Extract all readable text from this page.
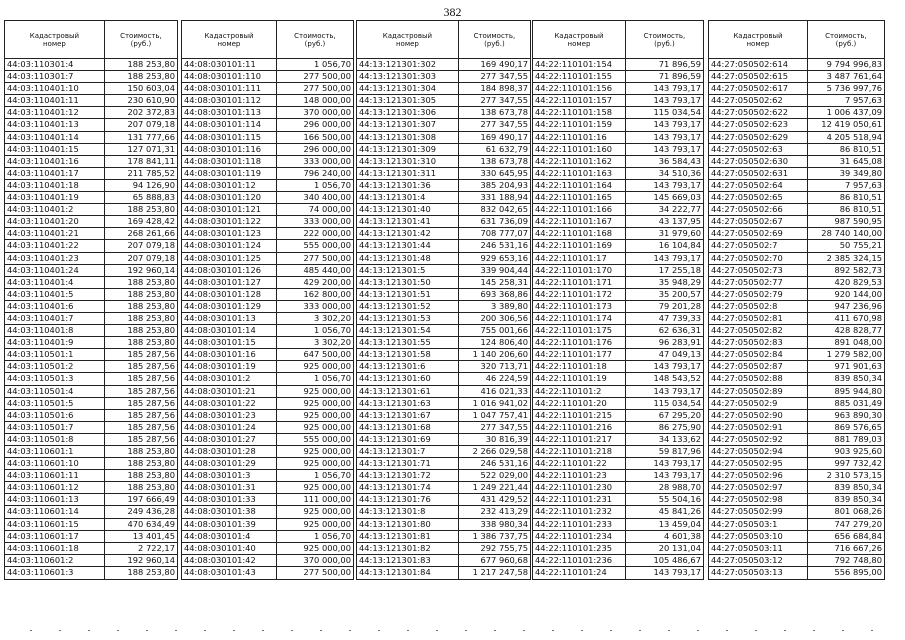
382
Кадастровый
номер
Стоимость,
(руб.)
44:03:110301:4	188 253,80
44:03:110301:7	188 253,80
44:03:110401:10	150 603,04
44:03:110401:11	230 610,90
44:03:110401:12	202 372,83
44:03:110401:13	207 079,18
44:03:110401:14	131 777,66
44:03:110401:15	127 071,31
44:03:110401:16	178 841,11
44:03:110401:17	211 785,52
44:03:110401:18	94 126,90
44:03:110401:19	65 888,83
44:03:110401:2	188 253,80
44:03:110401:20	169 428,42
44:03:110401:21	268 261,66
44:03:110401:22	207 079,18
44:03:110401:23	207 079,18
44:03:110401:24	192 960,14
44:03:110401:4	188 253,80
44:03:110401:5	188 253,80
44:03:110401:6	188 253,80
44:03:110401:7	188 253,80
44:03:110401:8	188 253,80
44:03:110401:9	188 253,80
44:03:110501:1	185 287,56
44:03:110501:2	185 287,56
44:03:110501:3	185 287,56
44:03:110501:4	185 287,56
44:03:110501:5	185 287,56
44:03:110501:6	185 287,56
44:03:110501:7	185 287,56
44:03:110501:8	185 287,56
44:03:110601:1	188 253,80
44:03:110601:10	188 253,80
44:03:110601:11	188 253,80
44:03:110601:12	188 253,80
44:03:110601:13	197 666,49
44:03:110601:14	249 436,28
44:03:110601:15	470 634,49
44:03:110601:17	13 401,45
44:03:110601:18	2 722,17
44:03:110601:2	192 960,14
44:03:110601:3	188 253,80
Кадастровый
номер
Стоимость,
(руб.)
44:08:030101:11	1 056,70
44:08:030101:110	277 500,00
44:08:030101:111	277 500,00
44:08:030101:112	148 000,00
44:08:030101:113	370 000,00
44:08:030101:114	296 000,00
44:08:030101:115	166 500,00
44:08:030101:116	296 000,00
44:08:030101:118	333 000,00
44:08:030101:119	796 240,00
44:08:030101:12	1 056,70
44:08:030101:120	340 400,00
44:08:030101:121	74 000,00
44:08:030101:122	333 000,00
44:08:030101:123	222 000,00
44:08:030101:124	555 000,00
44:08:030101:125	277 500,00
44:08:030101:126	485 440,00
44:08:030101:127	429 200,00
44:08:030101:128	162 800,00
44:08:030101:129	333 000,00
44:08:030101:13	3 302,20
44:08:030101:14	1 056,70
44:08:030101:15	3 302,20
44:08:030101:16	647 500,00
44:08:030101:19	925 000,00
44:08:030101:2	1 056,70
44:08:030101:21	925 000,00
44:08:030101:22	925 000,00
44:08:030101:23	925 000,00
44:08:030101:24	925 000,00
44:08:030101:27	555 000,00
44:08:030101:28	925 000,00
44:08:030101:29	925 000,00
44:08:030101:3	1 056,70
44:08:030101:31	925 000,00
44:08:030101:33	111 000,00
44:08:030101:38	925 000,00
44:08:030101:39	925 000,00
44:08:030101:4	1 056,70
44:08:030101:40	925 000,00
44:08:030101:42	370 000,00
44:08:030101:43	277 500,00
Кадастровый
номер
Стоимость,
(руб.)
44:13:121301:302	169 490,17
44:13:121301:303	277 347,55
44:13:121301:304	184 898,37
44:13:121301:305	277 347,55
44:13:121301:306	138 673,78
44:13:121301:307	277 347,55
44:13:121301:308	169 490,17
44:13:121301:309	61 632,79
44:13:121301:310	138 673,78
44:13:121301:311	330 645,95
44:13:121301:36	385 204,93
44:13:121301:4	331 188,94
44:13:121301:40	832 042,65
44:13:121301:41	631 736,09
44:13:121301:42	708 777,07
44:13:121301:44	246 531,16
44:13:121301:48	929 653,16
44:13:121301:5	339 904,44
44:13:121301:50	145 258,31
44:13:121301:51	693 368,86
44:13:121301:52	3 389,80
44:13:121301:53	200 306,56
44:13:121301:54	755 001,66
44:13:121301:55	124 806,40
44:13:121301:58	1 140 206,60
44:13:121301:6	320 713,71
44:13:121301:60	46 224,59
44:13:121301:61	416 021,33
44:13:121301:63	1 016 941,02
44:13:121301:67	1 047 757,41
44:13:121301:68	277 347,55
44:13:121301:69	30 816,39
44:13:121301:7	2 266 029,58
44:13:121301:71	246 531,16
44:13:121301:72	522 029,00
44:13:121301:74	1 249 221,44
44:13:121301:76	431 429,52
44:13:121301:8	232 413,29
44:13:121301:80	338 980,34
44:13:121301:81	1 386 737,75
44:13:121301:82	292 755,75
44:13:121301:83	677 960,68
44:13:121301:84	1 217 247,58
Кадастровый
номер
Стоимость,
(руб.)
44:22:110101:154	71 896,59
44:22:110101:155	71 896,59
44:22:110101:156	143 793,17
44:22:110101:157	143 793,17
44:22:110101:158	115 034,54
44:22:110101:159	143 793,17
44:22:110101:16	143 793,17
44:22:110101:160	143 793,17
44:22:110101:162	36 584,43
44:22:110101:163	34 510,36
44:22:110101:164	143 793,17
44:22:110101:165	145 669,03
44:22:110101:166	34 222,77
44:22:110101:167	43 137,95
44:22:110101:168	31 979,60
44:22:110101:169	16 104,84
44:22:110101:17	143 793,17
44:22:110101:170	17 255,18
44:22:110101:171	35 948,29
44:22:110101:172	35 200,57
44:22:110101:173	79 201,28
44:22:110101:174	47 739,33
44:22:110101:175	62 636,31
44:22:110101:176	96 283,91
44:22:110101:177	47 049,13
44:22:110101:18	143 793,17
44:22:110101:19	148 543,52
44:22:110101:2	143 793,17
44:22:110101:20	115 034,54
44:22:110101:215	67 295,20
44:22:110101:216	86 275,90
44:22:110101:217	34 133,62
44:22:110101:218	59 817,96
44:22:110101:22	143 793,17
44:22:110101:23	143 793,17
44:22:110101:230	28 988,70
44:22:110101:231	55 504,16
44:22:110101:232	45 841,26
44:22:110101:233	13 459,04
44:22:110101:234	4 601,38
44:22:110101:235	20 131,04
44:22:110101:236	105 486,67
44:22:110101:24	143 793,17
Кадастровый
номер
Стоимость,
(руб.)
44:27:050502:614	9 794 996,83
44:27:050502:615	3 487 761,64
44:27:050502:617	5 736 997,76
44:27:050502:62	7 957,63
44:27:050502:622	1 006 437,09
44:27:050502:623	12 419 050,61
44:27:050502:629	4 205 518,94
44:27:050502:63	86 810,51
44:27:050502:630	31 645,08
44:27:050502:631	39 349,80
44:27:050502:64	7 957,63
44:27:050502:65	86 810,51
44:27:050502:66	86 810,51
44:27:050502:67	987 590,95
44:27:050502:69	28 740 140,00
44:27:050502:7	50 755,21
44:27:050502:70	2 385 324,15
44:27:050502:73	892 582,73
44:27:050502:77	420 829,53
44:27:050502:79	920 144,00
44:27:050502:8	947 236,96
44:27:050502:81	411 670,98
44:27:050502:82	428 828,77
44:27:050502:83	891 048,00
44:27:050502:84	1 279 582,00
44:27:050502:87	971 901,63
44:27:050502:88	839 850,34
44:27:050502:89	895 944,80
44:27:050502:9	885 031,49
44:27:050502:90	963 890,30
44:27:050502:91	869 576,65
44:27:050502:92	881 789,03
44:27:050502:94	903 925,60
44:27:050502:95	997 732,42
44:27:050502:96	2 310 573,15
44:27:050502:97	839 850,34
44:27:050502:98	839 850,34
44:27:050502:99	801 068,26
44:27:050503:1	747 279,20
44:27:050503:10	656 684,84
44:27:050503:11	716 667,26
44:27:050503:12	792 748,80
44:27:050503:13	556 895,00
